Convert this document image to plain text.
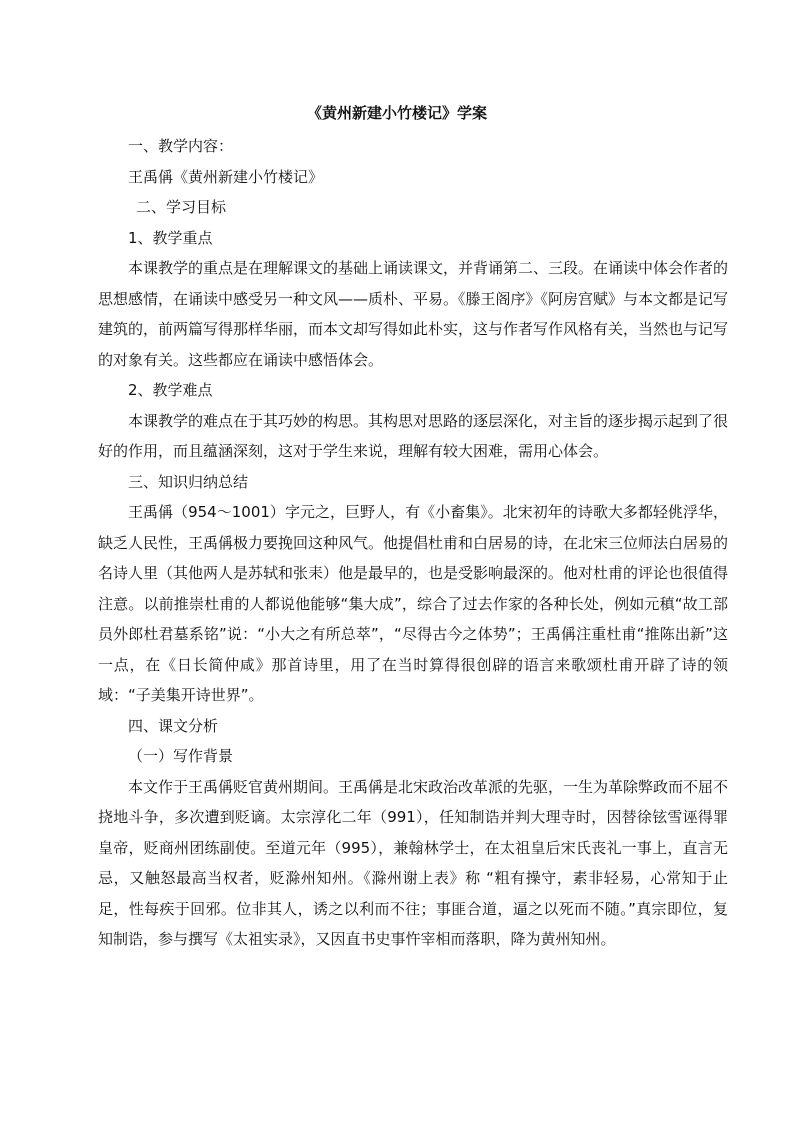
《黄州新建小竹楼记》学案
一、教学内容：
王禹偁《黄州新建小竹楼记》
二、学习目标
1、教学重点
本课教学的重点是在理解课文的基础上诵读课文，并背诵第二、三段。在诵读中体会作者的思想感情，在诵读中感受另一种文风——质朴、平易。《滕王阁序》《阿房宫赋》与本文都是记写建筑的，前两篇写得那样华丽，而本文却写得如此朴实，这与作者写作风格有关，当然也与记写的对象有关。这些都应在诵读中感悟体会。
2、教学难点
本课教学的难点在于其巧妙的构思。其构思对思路的逐层深化，对主旨的逐步揭示起到了很好的作用，而且蕴涵深刻，这对于学生来说，理解有较大困难，需用心体会。
三、知识归纳总结
王禹偁（954～1001）字元之，巨野人，有《小畜集》。北宋初年的诗歌大多都轻佻浮华，缺乏人民性，王禹偁极力要挽回这种风气。他提倡杜甫和白居易的诗，在北宋三位师法白居易的名诗人里（其他两人是苏轼和张耒）他是最早的，也是受影响最深的。他对杜甫的评论也很值得注意。以前推崇杜甫的人都说他能够“集大成”，综合了过去作家的各种长处，例如元稹“故工部员外郎杜君墓系铭”说：“小大之有所总萃”，“尽得古今之体势”；王禹偁注重杜甫“推陈出新”这一点，在《日长简仲咸》那首诗里，用了在当时算得很创辟的语言来歌颂杜甫开辟了诗的领域：“子美集开诗世界”。
四、课文分析
（一）写作背景
本文作于王禹偁贬官黄州期间。王禹偁是北宋政治改革派的先驱，一生为革除弊政而不屈不挠地斗争，多次遭到贬谪。太宗淳化二年（991），任知制诰并判大理寺时，因替徐铉雪诬得罪皇帝，贬商州团练副使。至道元年（995），兼翰林学士，在太祖皇后宋氏丧礼一事上，直言无忌，又触怒最高当权者，贬滁州知州。《滁州谢上表》称 “粗有操守，素非轻易，心常知于止足，性每疾于回邪。位非其人，诱之以利而不往；事匪合道，逼之以死而不随。”真宗即位，复知制诰，参与撰写《太祖实录》，又因直书史事忤宰相而落职，降为黄州知州。
